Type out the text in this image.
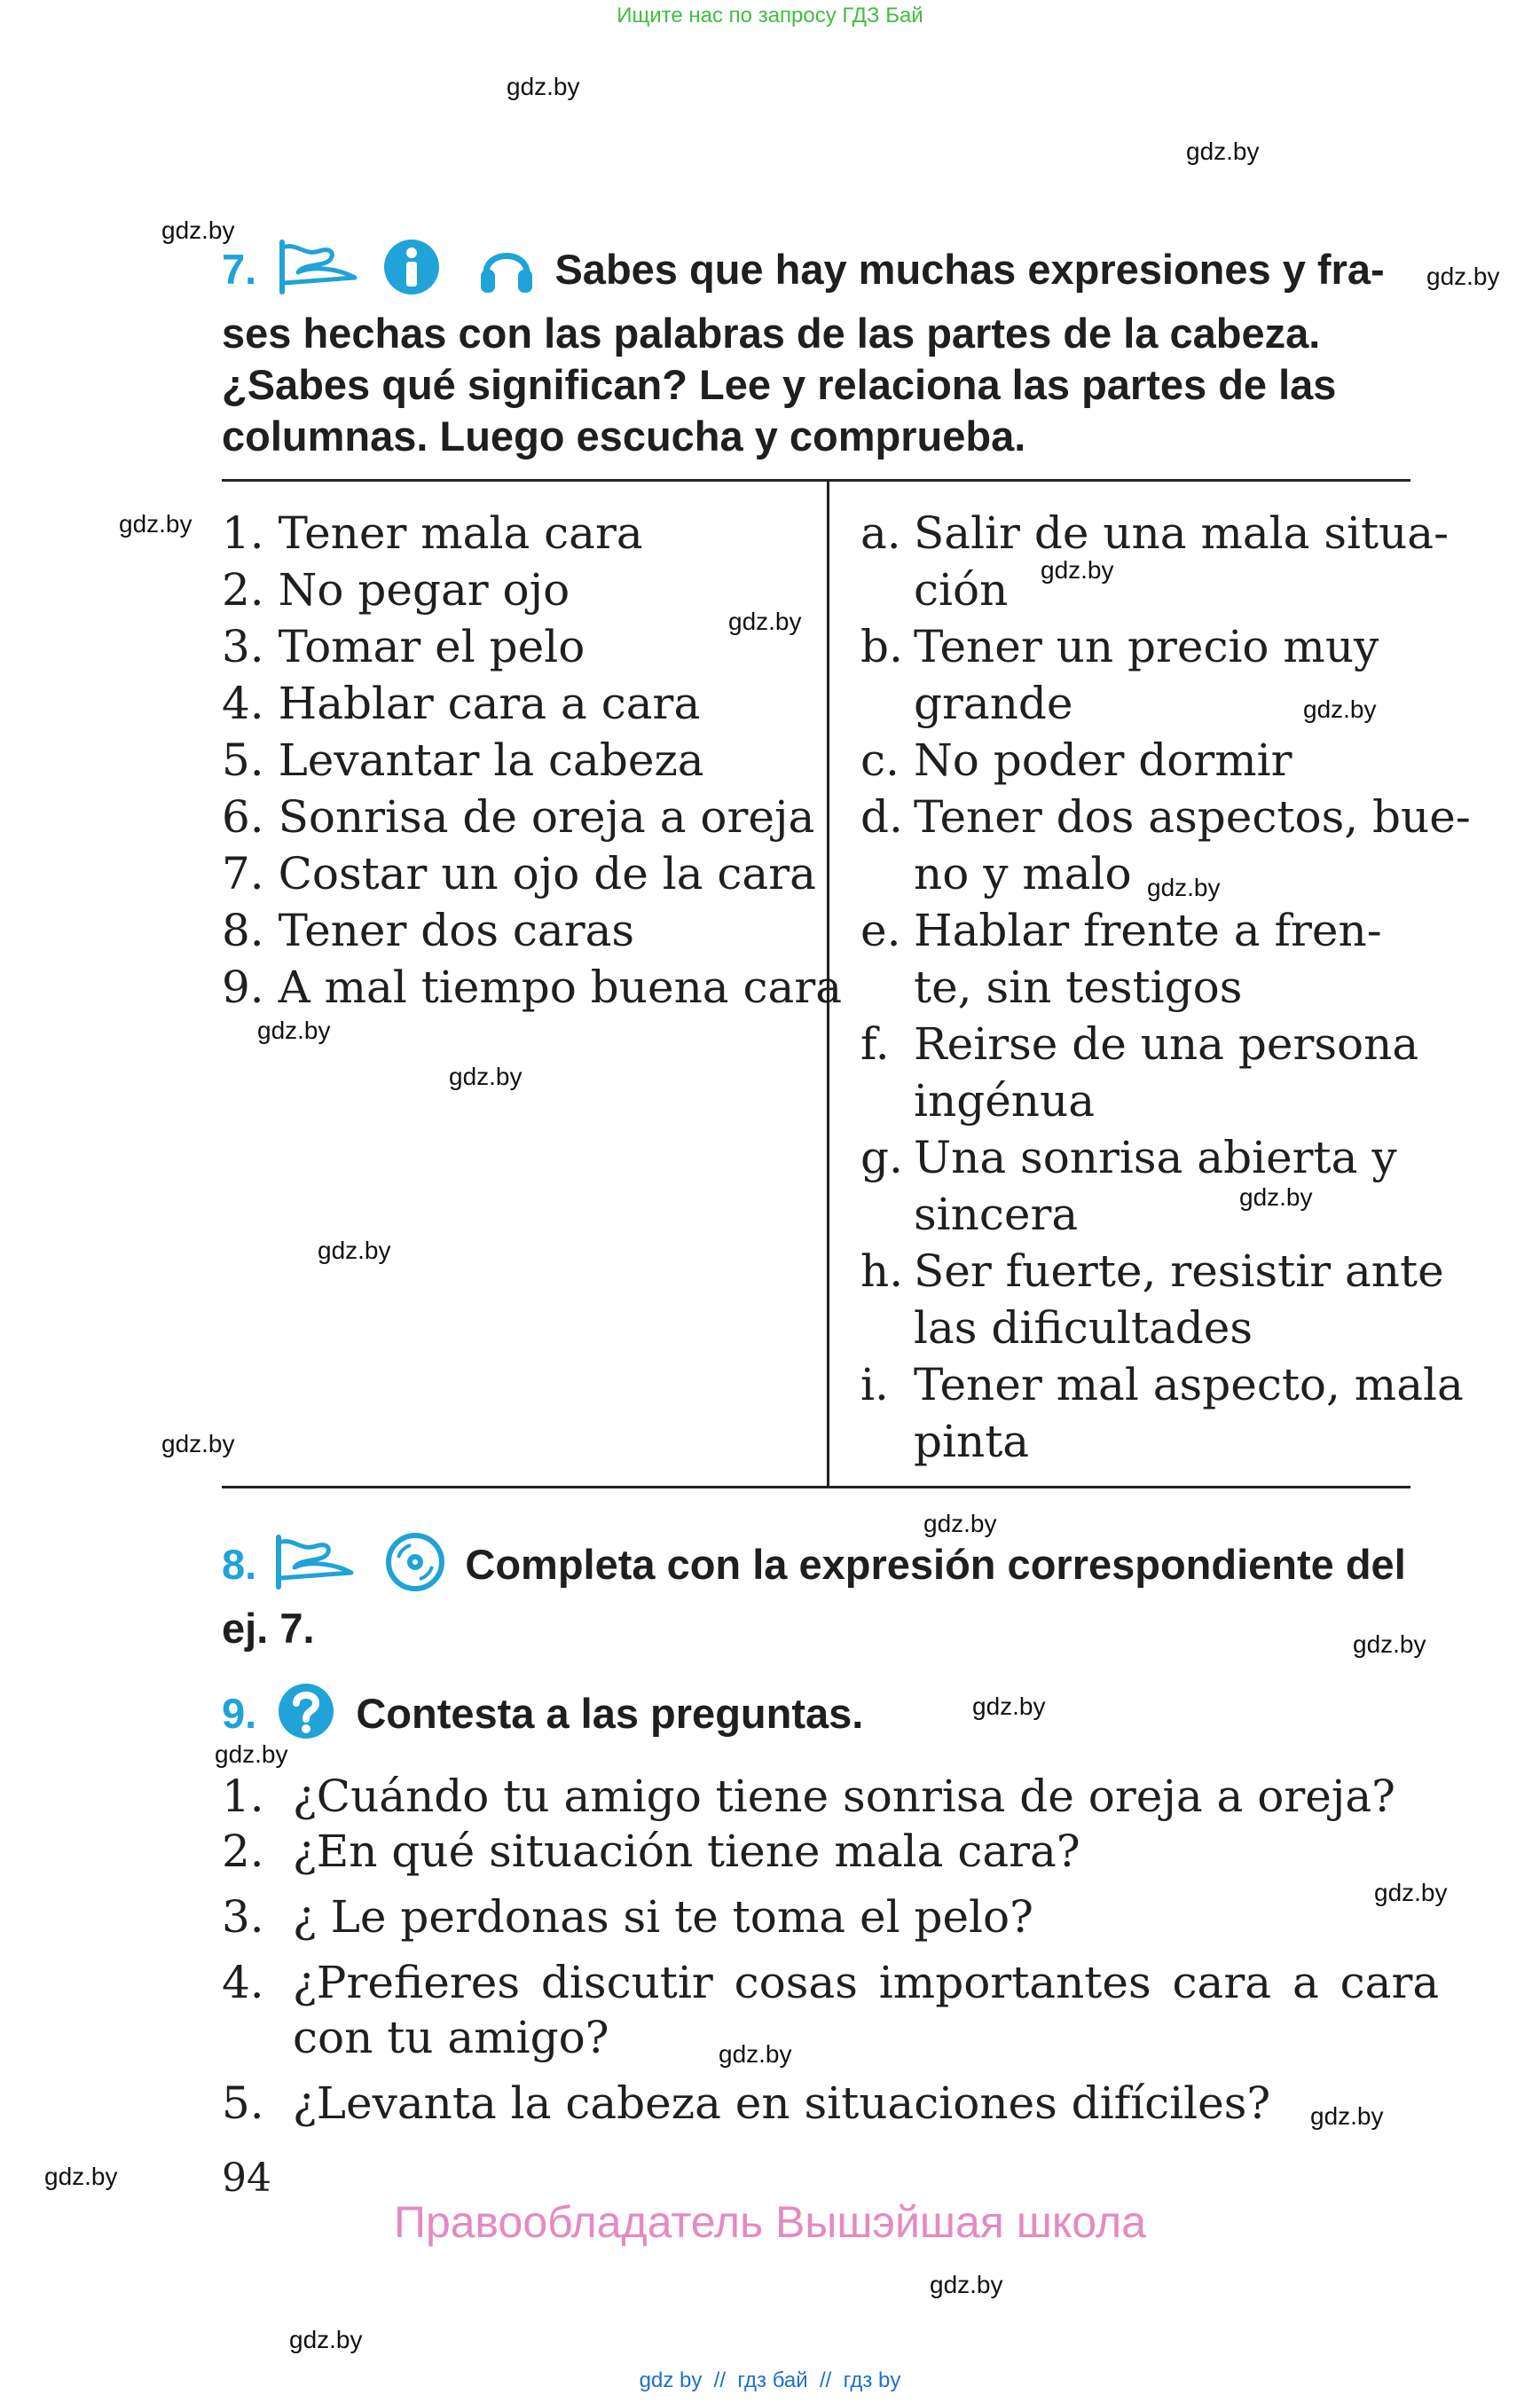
Ищите нас по запросу ГДЗ Бай
gdz.by
gdz.by
gdz.by
gdz.by
gdz.by
gdz.by
gdz.by
gdz.by
gdz.by
gdz.by
gdz.by
gdz.by
gdz.by
gdz.by
gdz.by
gdz.by
gdz.by
gdz.by
gdz.by
gdz.by
gdz.by
gdz.by
gdz.by
gdz.by
7.	Sabes que hay muchas expresiones y fra-
ses hechas con las palabras de las partes de la cabeza.
¿Sabes qué significan? Lee y relaciona las partes de las
columnas. Luego escucha y comprueba.
1. Tener mala cara
2. No pegar ojo
3. Tomar el pelo
4. Hablar cara a cara
5. Levantar la cabeza
6. Sonrisa de oreja a oreja
7. Costar un ojo de la cara
8. Tener dos caras
9. A mal tiempo buena cara
a. Salir de una mala situa-
ción
b. Tener un precio muy
grande
c. No poder dormir
d. Tener dos aspectos, bue-
no y malo
e. Hablar frente a fren-
te, sin testigos
f. Reirse de una persona
ingénua
g. Una sonrisa abierta y
sincera
h. Ser fuerte, resistir ante
las dificultades
i. Tener mal aspecto, mala
pinta
8.	Completa con la expresión correspondiente del
ej. 7.
9. Contesta a las preguntas.
1. ¿Cuándo tu amigo tiene sonrisa de oreja a oreja?
2. ¿En qué situación tiene mala cara?
3. ¿ Le perdonas si te toma el pelo?
4. ¿Prefieres discutir cosas importantes cara a cara
con tu amigo?
5. ¿Levanta la cabeza en situaciones difíciles?
94
Правообладатель Вышэйшая школа
gdz by  //  гдз бай  //  гдз by
